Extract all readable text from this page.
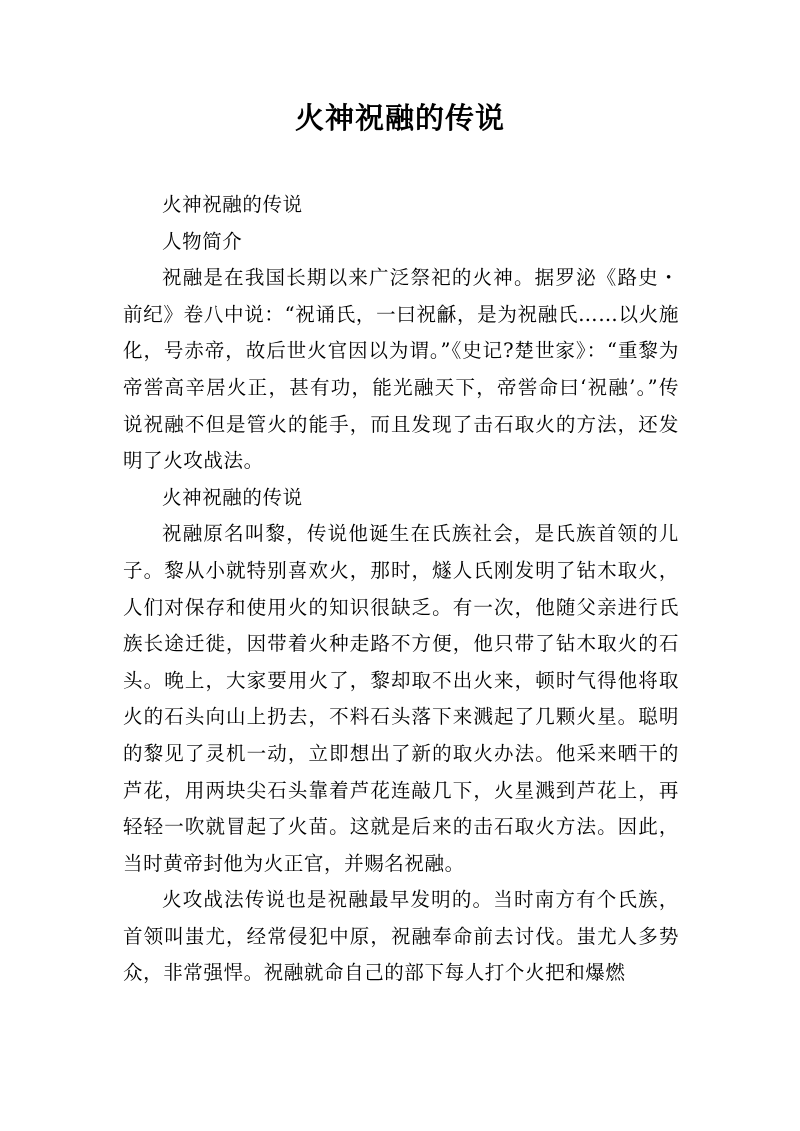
火神祝融的传说

火神祝融的传说

人物简介

祝融是在我国长期以来广泛祭祀的火神。据罗泌《路史・前纪》卷八中说：“祝诵氏，一曰祝龢，是为祝融氏……以火施化，号赤帝，故后世火官因以为谓。”《史记?楚世家》：“重黎为帝喾高辛居火正，甚有功，能光融天下，帝喾命曰‘祝融’。”传说祝融不但是管火的能手，而且发现了击石取火的方法，还发明了火攻战法。

火神祝融的传说

祝融原名叫黎，传说他诞生在氏族社会，是氏族首领的儿子。黎从小就特别喜欢火，那时，燧人氏刚发明了钻木取火，人们对保存和使用火的知识很缺乏。有一次，他随父亲进行氏族长途迁徙，因带着火种走路不方便，他只带了钻木取火的石头。晚上，大家要用火了，黎却取不出火来，顿时气得他将取火的石头向山上扔去，不料石头落下来溅起了几颗火星。聪明的黎见了灵机一动，立即想出了新的取火办法。他采来晒干的芦花，用两块尖石头靠着芦花连敲几下，火星溅到芦花上，再轻轻一吹就冒起了火苗。这就是后来的击石取火方法。因此，当时黄帝封他为火正官，并赐名祝融。

火攻战法传说也是祝融最早发明的。当时南方有个氏族，首领叫蚩尤，经常侵犯中原，祝融奉命前去讨伐。蚩尤人多势众，非常强悍。祝融就命自己的部下每人打个火把和爆燃
